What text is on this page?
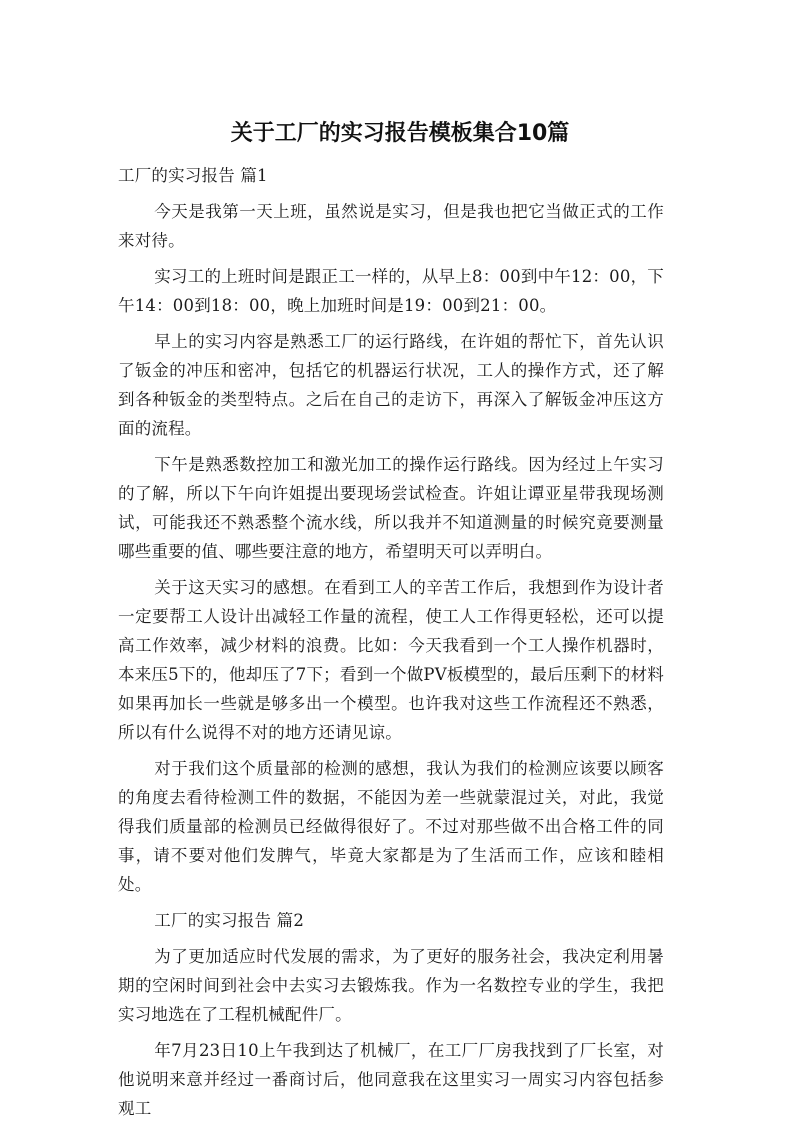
关于工厂的实习报告模板集合10篇

工厂的实习报告 篇1

今天是我第一天上班，虽然说是实习，但是我也把它当做正式的工作来对待。

实习工的上班时间是跟正工一样的，从早上8：00到中午12：00，下午14：00到18：00，晚上加班时间是19：00到21：00。

早上的实习内容是熟悉工厂的运行路线，在许姐的帮忙下，首先认识了钣金的冲压和密冲，包括它的机器运行状况，工人的操作方式，还了解到各种钣金的类型特点。之后在自己的走访下，再深入了解钣金冲压这方面的流程。

下午是熟悉数控加工和激光加工的操作运行路线。因为经过上午实习的了解，所以下午向许姐提出要现场尝试检查。许姐让谭亚星带我现场测试，可能我还不熟悉整个流水线，所以我并不知道测量的时候究竟要测量哪些重要的值、哪些要注意的地方，希望明天可以弄明白。

关于这天实习的感想。在看到工人的辛苦工作后，我想到作为设计者一定要帮工人设计出减轻工作量的流程，使工人工作得更轻松，还可以提高工作效率，减少材料的浪费。比如：今天我看到一个工人操作机器时，本来压5下的，他却压了7下；看到一个做PV板模型的，最后压剩下的材料如果再加长一些就是够多出一个模型。也许我对这些工作流程还不熟悉，所以有什么说得不对的地方还请见谅。

对于我们这个质量部的检测的感想，我认为我们的检测应该要以顾客的角度去看待检测工件的数据，不能因为差一些就蒙混过关，对此，我觉得我们质量部的检测员已经做得很好了。不过对那些做不出合格工件的同事，请不要对他们发脾气，毕竟大家都是为了生活而工作，应该和睦相处。

工厂的实习报告 篇2

为了更加适应时代发展的需求，为了更好的服务社会，我决定利用暑期的空闲时间到社会中去实习去锻炼我。作为一名数控专业的学生，我把实习地选在了工程机械配件厂。

年7月23日10上午我到达了机械厂，在工厂厂房我找到了厂长室，对他说明来意并经过一番商讨后，他同意我在这里实习一周实习内容包括参观工
